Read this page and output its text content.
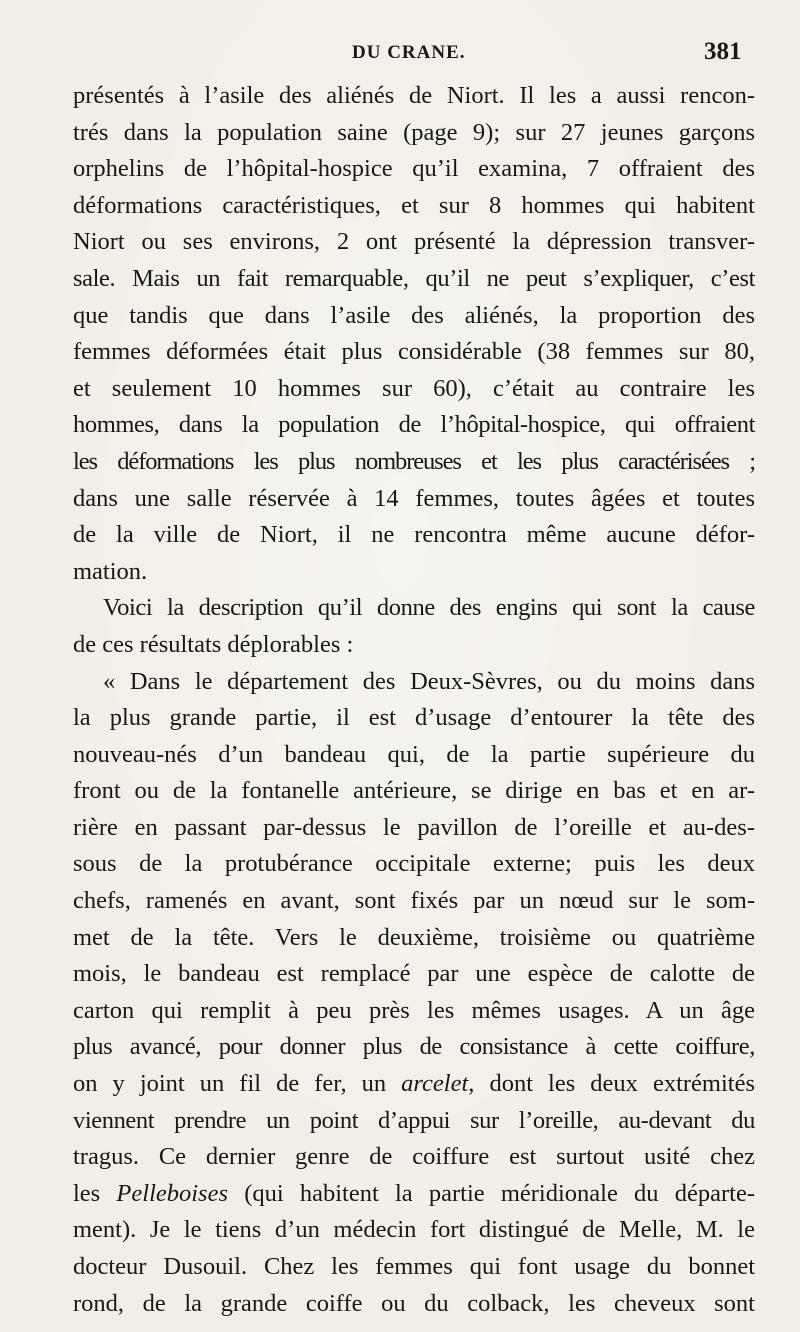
DU CRANE.	381
présentés à l’asile des aliénés de Niort. Il les a aussi rencon-
trés dans la population saine (page 9); sur 27 jeunes garçons
orphelins de l’hôpital-hospice qu’il examina, 7 offraient des
déformations caractéristiques, et sur 8 hommes qui habitent
Niort ou ses environs, 2 ont présenté la dépression transver-
sale. Mais un fait remarquable, qu’il ne peut s’expliquer, c’est
que tandis que dans l’asile des aliénés, la proportion des
femmes déformées était plus considérable (38 femmes sur 80,
et seulement 10 hommes sur 60), c’était au contraire les
hommes, dans la population de l’hôpital-hospice, qui offraient
les déformations les plus nombreuses et les plus caractérisées ;
dans une salle réservée à 14 femmes, toutes âgées et toutes
de la ville de Niort, il ne rencontra même aucune défor-
mation.
Voici la description qu’il donne des engins qui sont la cause
de ces résultats déplorables :
« Dans le département des Deux-Sèvres, ou du moins dans
la plus grande partie, il est d’usage d’entourer la tête des
nouveau-nés d’un bandeau qui, de la partie supérieure du
front ou de la fontanelle antérieure, se dirige en bas et en ar-
rière en passant par-dessus le pavillon de l’oreille et au-des-
sous de la protubérance occipitale externe; puis les deux
chefs, ramenés en avant, sont fixés par un nœud sur le som-
met de la tête. Vers le deuxième, troisième ou quatrième
mois, le bandeau est remplacé par une espèce de calotte de
carton qui remplit à peu près les mêmes usages. A un âge
plus avancé, pour donner plus de consistance à cette coiffure,
on y joint un fil de fer, un arcelet, dont les deux extrémités
viennent prendre un point d’appui sur l’oreille, au-devant du
tragus. Ce dernier genre de coiffure est surtout usité chez
les Pelleboises (qui habitent la partie méridionale du départe-
ment). Je le tiens d’un médecin fort distingué de Melle, M. le
docteur Dusouil. Chez les femmes qui font usage du bonnet
rond, de la grande coiffe ou du colback, les cheveux sont
